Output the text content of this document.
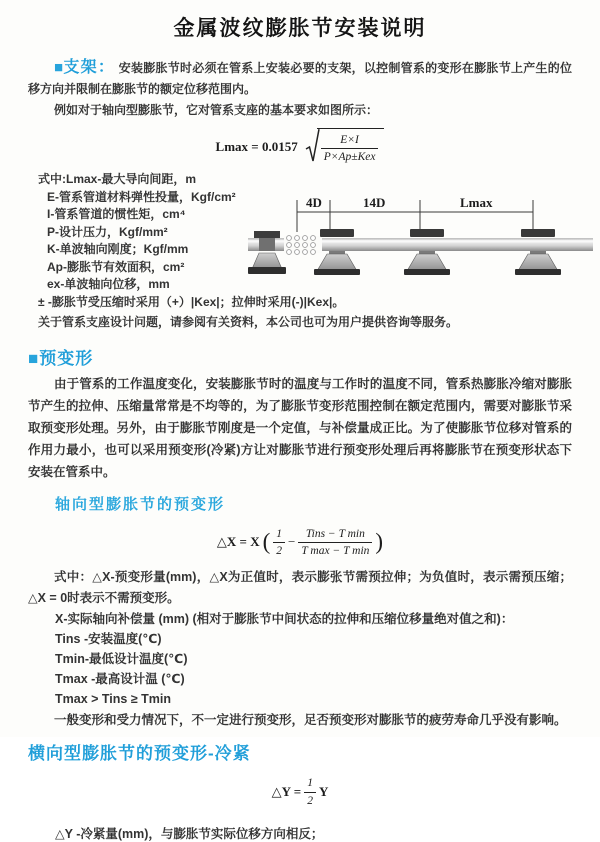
金属波纹膨胀节安装说明

■支架： 安装膨胀节时必须在管系上安装必要的支架，以控制管系的变形在膨胀节上产生的位移方向并限制在膨胀节的额定位移范围内。

例如对于轴向型膨胀节，它对管系支座的基本要求如图所示：

$Lmax = 0.0157 \frac{E\times I}{\text{P×Ap±Kex}}$
式中:Lmax-最大导向间距，m
E-管系管道材料弹性投量，Kgf/cm²
I-管系管道的惯性矩，cm⁴
P-设计压力，Kgf/mm²
K-单波轴向刚度；Kgf/mm
Ap-膨胀节有效面积，cm²
ex-单波轴向位移，mm
± -膨胀节受压缩时采用（+）|Kex|；拉伸时采用(-)|Kex|。
关于管系支座设计问题，请参阅有关资料，本公司也可为用户提供咨询等服务。
4D	14D	Lmax
■预变形

由于管系的工作温度变化，安装膨胀节时的温度与工作时的温度不同，管系热膨胀冷缩对膨胀节产生的拉伸、压缩量常常是不均等的，为了膨胀节变形范围控制在额定范围内，需要对膨胀节采取预变形处理。另外，由于膨胀节刚度是一个定值，与补偿量成正比。为了使膨胀节位移对管系的作用力最小，也可以采用预变形(冷紧)方让对膨胀节进行预变形处理后再将膨胀节在预变形状态下安装在管系中。

轴向型膨胀节的预变形
△X = X ( $\frac{1}{2} - \frac{\text{Tins − T min}}{\text{T max − T min}}$ )

式中：△X-预变形量(mm)，△X为正值时，表示膨张节需预拉伸；为负值时，表示需预压缩；△X = 0时表示不需预变形。

X-实际轴向补偿量 (mm) (相对于膨胀节中间状态的拉伸和压缩位移量绝对值之和)：
Tins -安装温度(℃)
Tmin-最低设计温度(℃)
Tmax -最高设计温 (℃)
Tmax > Tins ≥ Tmin

一般变形和受力情况下，不一定进行预变形，足否预变形对膨胀节的疲劳寿命几乎没有影响。

横向型膨胀节的预变形-冷紧
△Y = $\frac{1}{2}$ Y
△Y -冷紧量(mm)，与膨胀节实际位移方向相反；
